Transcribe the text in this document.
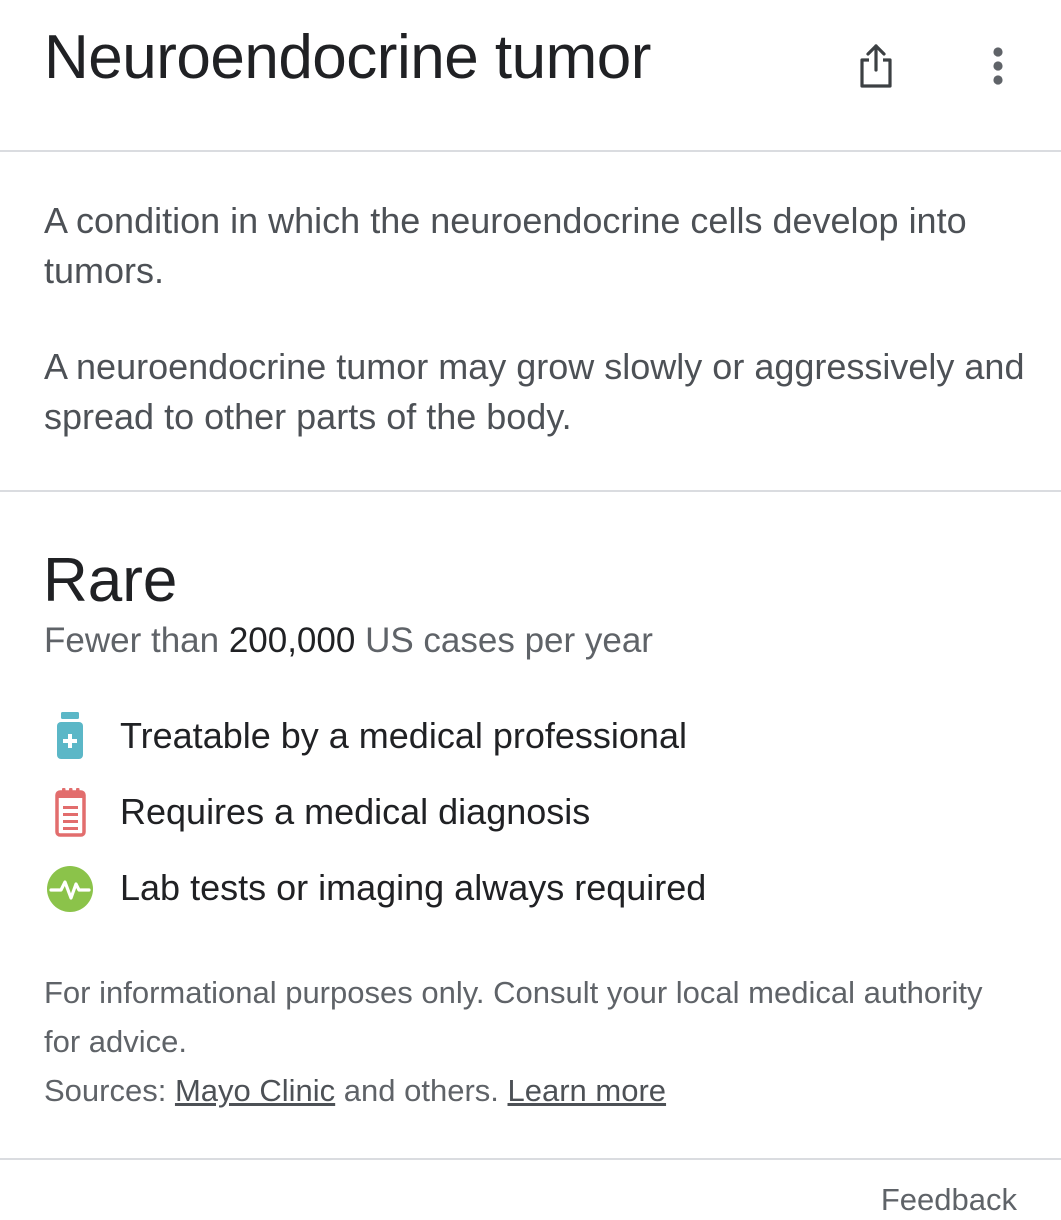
Neuroendocrine tumor
A condition in which the neuroendocrine cells develop into tumors.
A neuroendocrine tumor may grow slowly or aggressively and spread to other parts of the body.
Rare
Fewer than 200,000 US cases per year
Treatable by a medical professional
Requires a medical diagnosis
Lab tests or imaging always required
For informational purposes only. Consult your local medical authority for advice.
Sources: Mayo Clinic and others. Learn more
Feedback
